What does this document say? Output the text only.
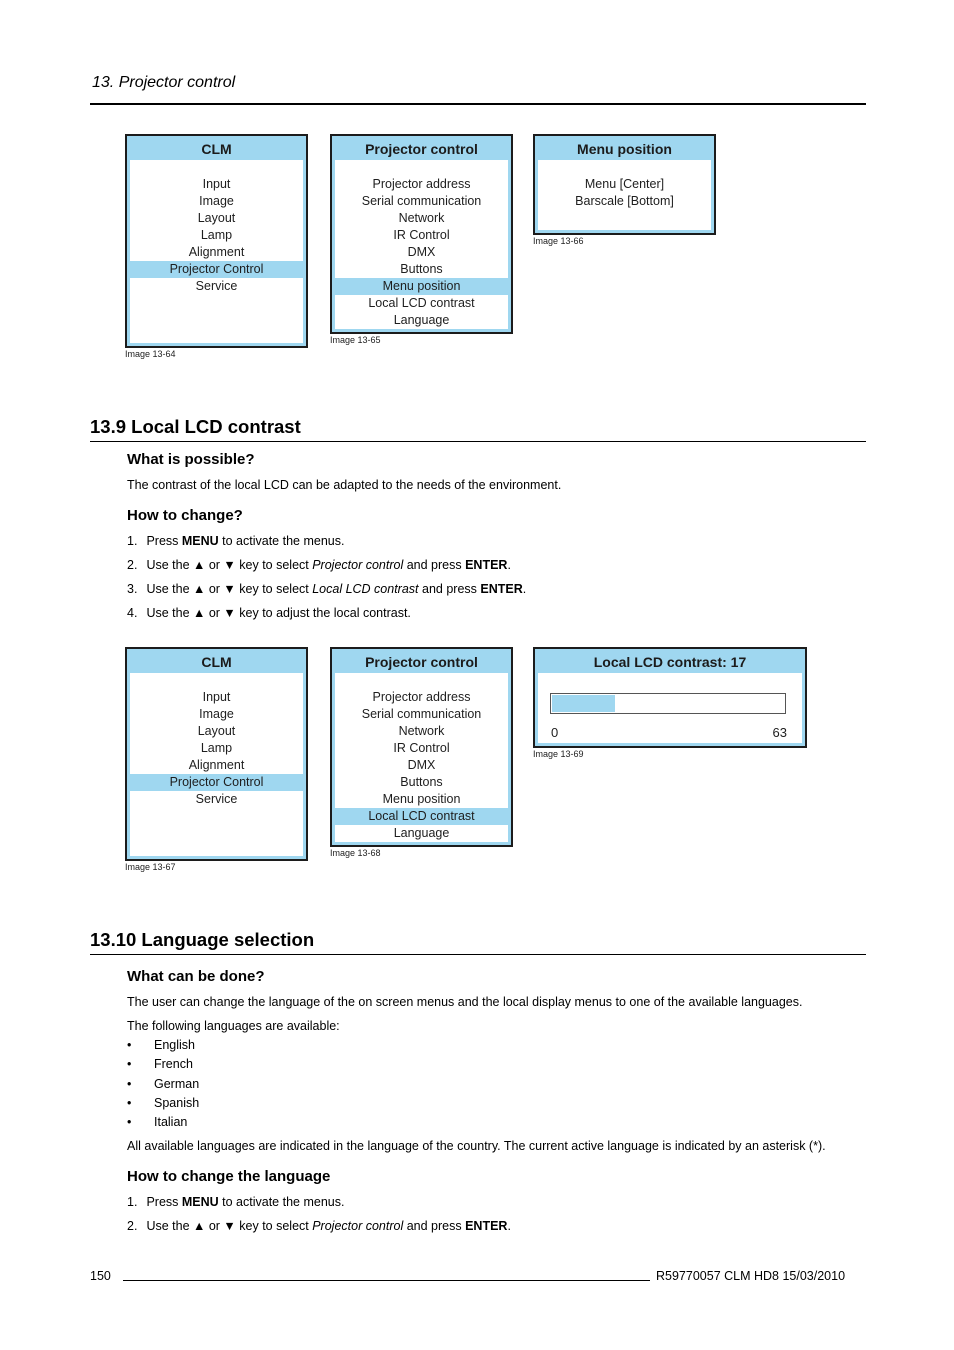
13. Projector control
CLM
Input
Image
Layout
Lamp
Alignment
Projector Control
Service
Image 13-64
Projector control
Projector address
Serial communication
Network
IR Control
DMX
Buttons
Menu position
Local LCD contrast
Language
Image 13-65
Menu position
Menu [Center]
Barscale [Bottom]
Image 13-66
13.9 Local LCD contrast
What is possible?
The contrast of the local LCD can be adapted to the needs of the environment.
How to change?
1. Press MENU to activate the menus.
2. Use the ▲ or ▼ key to select Projector control and press ENTER.
3. Use the ▲ or ▼ key to select Local LCD contrast and press ENTER.
4. Use the ▲ or ▼ key to adjust the local contrast.
CLM
Input
Image
Layout
Lamp
Alignment
Projector Control
Service
Image 13-67
Projector control
Projector address
Serial communication
Network
IR Control
DMX
Buttons
Menu position
Local LCD contrast
Language
Image 13-68
Local LCD contrast: 17
0	63
Image 13-69
13.10 Language selection
What can be done?
The user can change the language of the on screen menus and the local display menus to one of the available languages.
The following languages are available:
• English
• French
• German
• Spanish
• Italian
All available languages are indicated in the language of the country. The current active language is indicated by an asterisk (*).
How to change the language
1. Press MENU to activate the menus.
2. Use the ▲ or ▼ key to select Projector control and press ENTER.
150	R59770057 CLM HD8 15/03/2010
